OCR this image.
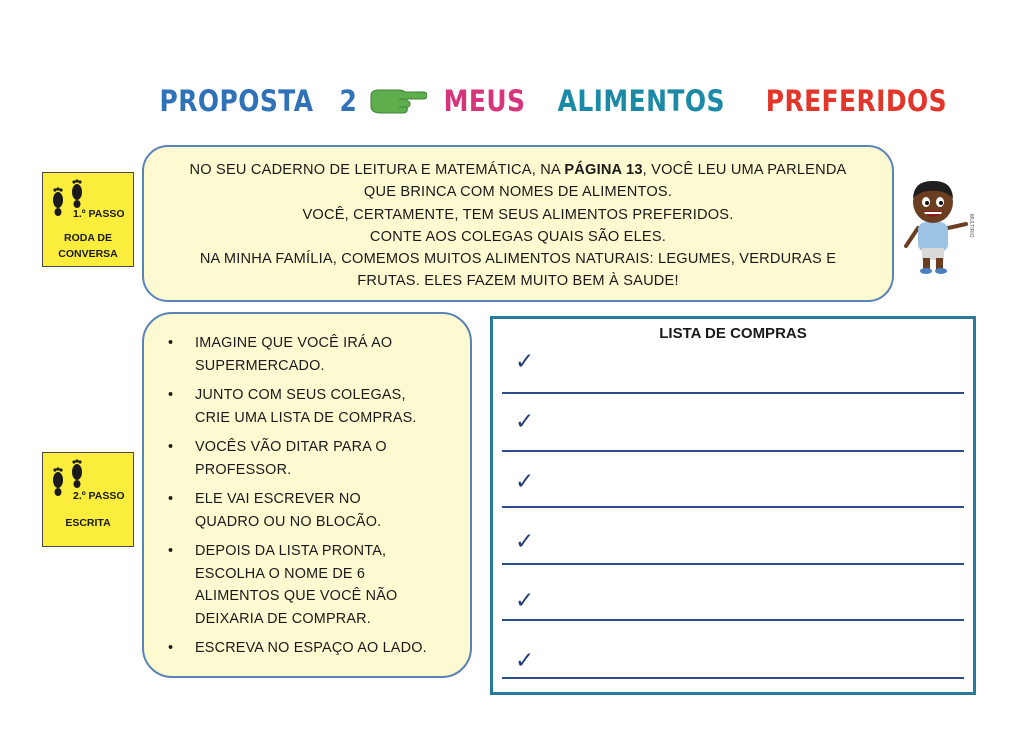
PROPOSTA 2	MEUS ALIMENTOS PREFERIDOS
1.º PASSO
RODA DE
CONVERSA
2.º PASSO
ESCRITA

NO SEU CADERNO DE LEITURA E MATEMÁTICA, NA PÁGINA 13, VOCÊ LEU UMA PARLENDA

QUE BRINCA COM NOMES DE ALIMENTOS.

VOCÊ, CERTAMENTE, TEM SEUS ALIMENTOS PREFERIDOS.

CONTE AOS COLEGAS QUAIS SÃO ELES.

NA MINHA FAMÍLIA, COMEMOS MUITOS ALIMENTOS NATURAIS: LEGUMES, VERDURAS E

FRUTAS. ELES FAZEM MUITO BEM À SAUDE!

MULTIRIO
• IMAGINE QUE VOCÊ IRÁ AO
SUPERMERCADO.
• JUNTO COM SEUS COLEGAS,
CRIE UMA LISTA DE COMPRAS.
• VOCÊS VÃO DITAR PARA O
PROFESSOR.
• ELE VAI ESCREVER NO
QUADRO OU NO BLOCÃO.
• DEPOIS DA LISTA PRONTA,
ESCOLHA O NOME DE 6
ALIMENTOS QUE VOCÊ NÃO
DEIXARIA DE COMPRAR.
• ESCREVA NO ESPAÇO AO LADO.
LISTA DE COMPRAS
✓
✓
✓
✓
✓
✓
